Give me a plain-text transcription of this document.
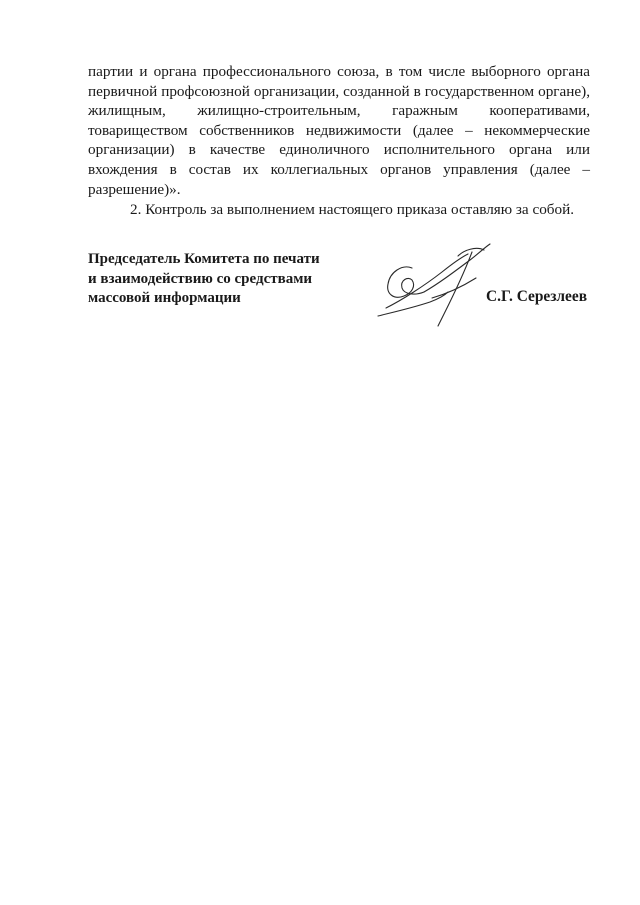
партии и органа профессионального союза, в том числе выборного органа первичной профсоюзной организации, созданной в государственном органе), жилищным, жилищно-строительным, гаражным кооперативами, товариществом собственников недвижимости (далее – некоммерческие организации) в качестве единоличного исполнительного органа или вхождения в состав их коллегиальных органов управления (далее – разрешение)».

2. Контроль за выполнением настоящего приказа оставляю за собой.

Председатель Комитета по печати
и взаимодействию со средствами
массовой информации	С.Г. Серезлеев
